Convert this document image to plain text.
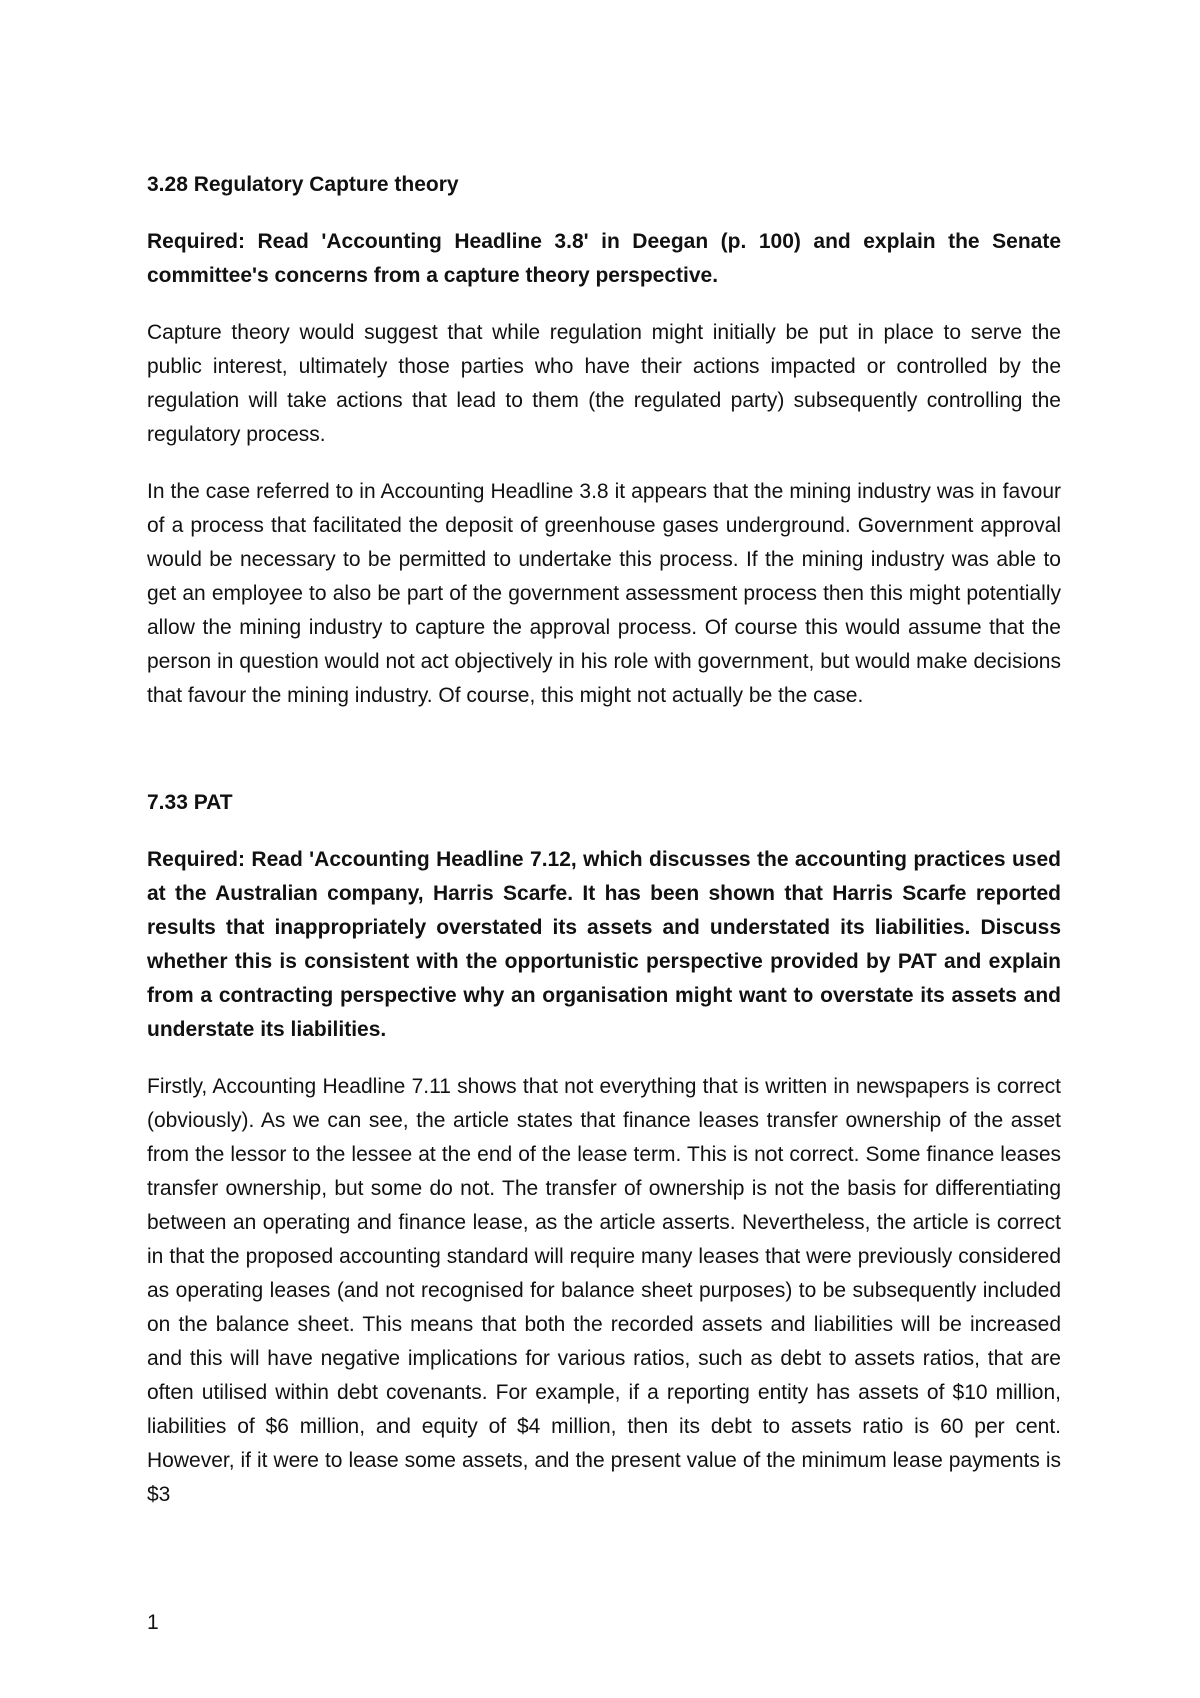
3.28 Regulatory Capture theory

Required: Read 'Accounting Headline 3.8' in Deegan (p. 100) and explain the Senate committee's concerns from a capture theory perspective.

Capture theory would suggest that while regulation might initially be put in place to serve the public interest, ultimately those parties who have their actions impacted or controlled by the regulation will take actions that lead to them (the regulated party) subsequently controlling the regulatory process.

In the case referred to in Accounting Headline 3.8 it appears that the mining industry was in favour of a process that facilitated the deposit of greenhouse gases underground. Government approval would be necessary to be permitted to undertake this process. If the mining industry was able to get an employee to also be part of the government assessment process then this might potentially allow the mining industry to capture the approval process. Of course this would assume that the person in question would not act objectively in his role with government, but would make decisions that favour the mining industry. Of course, this might not actually be the case.

7.33 PAT

Required: Read 'Accounting Headline 7.12, which discusses the accounting practices used at the Australian company, Harris Scarfe. It has been shown that Harris Scarfe reported results that inappropriately overstated its assets and understated its liabilities. Discuss whether this is consistent with the opportunistic perspective provided by PAT and explain from a contracting perspective why an organisation might want to overstate its assets and understate its liabilities.

Firstly, Accounting Headline 7.11 shows that not everything that is written in newspapers is correct (obviously). As we can see, the article states that finance leases transfer ownership of the asset from the lessor to the lessee at the end of the lease term. This is not correct. Some finance leases transfer ownership, but some do not. The transfer of ownership is not the basis for differentiating between an operating and finance lease, as the article asserts. Nevertheless, the article is correct in that the proposed accounting standard will require many leases that were previously considered as operating leases (and not recognised for balance sheet purposes) to be subsequently included on the balance sheet. This means that both the recorded assets and liabilities will be increased and this will have negative implications for various ratios, such as debt to assets ratios, that are often utilised within debt covenants. For example, if a reporting entity has assets of $10 million, liabilities of $6 million, and equity of $4 million, then its debt to assets ratio is 60 per cent. However, if it were to lease some assets, and the present value of the minimum lease payments is $3

1
